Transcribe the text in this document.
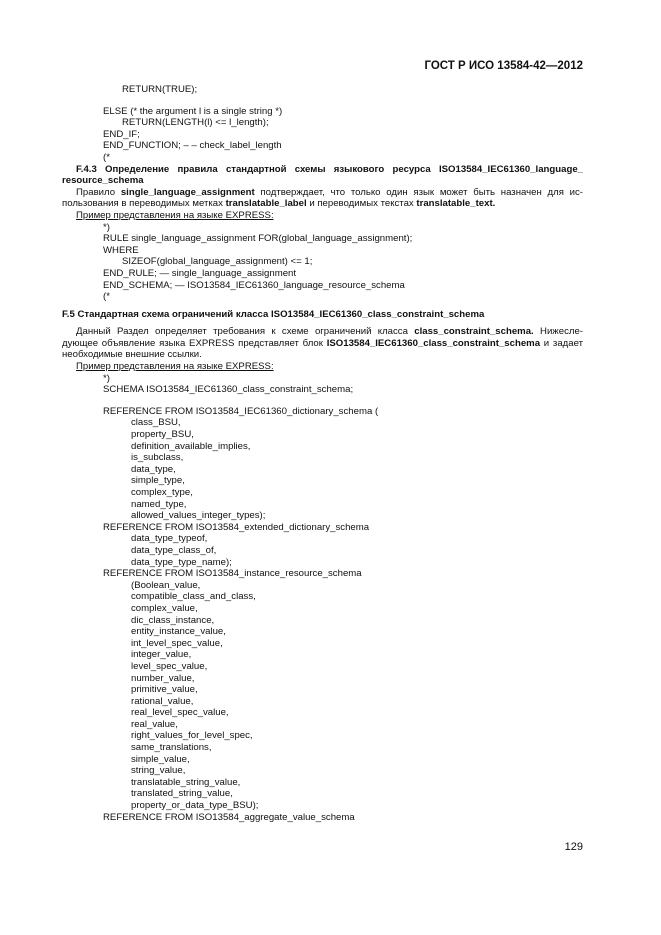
ГОСТ Р ИСО 13584-42—2012
RETURN(TRUE);
ELSE (* the argument l is a single string *)
RETURN(LENGTH(l) <= l_length);
END_IF;
END_FUNCTION; – – check_label_length
(*
F.4.3 Определение правила стандартной схемы языкового ресурса ISO13584_IEC61360_language_ resource_schema
Правило single_language_assignment подтверждает, что только один язык может быть назначен для ис-пользования в переводимых метках translatable_label и переводимых текстах translatable_text.
Пример представления на языке EXPRESS:
*)
RULE single_language_assignment FOR(global_language_assignment);
WHERE
SIZEOF(global_language_assignment) <= 1;
END_RULE; — single_language_assignment
END_SCHEMA; — ISO13584_IEC61360_language_resource_schema
(*
F.5 Стандартная схема ограничений класса ISO13584_IEC61360_class_constraint_schema
Данный Раздел определяет требования к схеме ограничений класса class_constraint_schema. Нижесле-дующее объявление языка EXPRESS представляет блок ISO13584_IEC61360_class_constraint_schema и задает необходимые внешние ссылки.
Пример представления на языке EXPRESS:
*)
SCHEMA ISO13584_IEC61360_class_constraint_schema;
REFERENCE FROM ISO13584_IEC61360_dictionary_schema (
class_BSU,
property_BSU,
definition_available_implies,
is_subclass,
data_type,
simple_type,
complex_type,
named_type,
allowed_values_integer_types);
REFERENCE FROM ISO13584_extended_dictionary_schema
data_type_typeof,
data_type_class_of,
data_type_type_name);
REFERENCE FROM ISO13584_instance_resource_schema
(Boolean_value,
compatible_class_and_class,
complex_value,
dic_class_instance,
entity_instance_value,
int_level_spec_value,
integer_value,
level_spec_value,
number_value,
primitive_value,
rational_value,
real_level_spec_value,
real_value,
right_values_for_level_spec,
same_translations,
simple_value,
string_value,
translatable_string_value,
translated_string_value,
property_or_data_type_BSU);
REFERENCE FROM ISO13584_aggregate_value_schema
129
